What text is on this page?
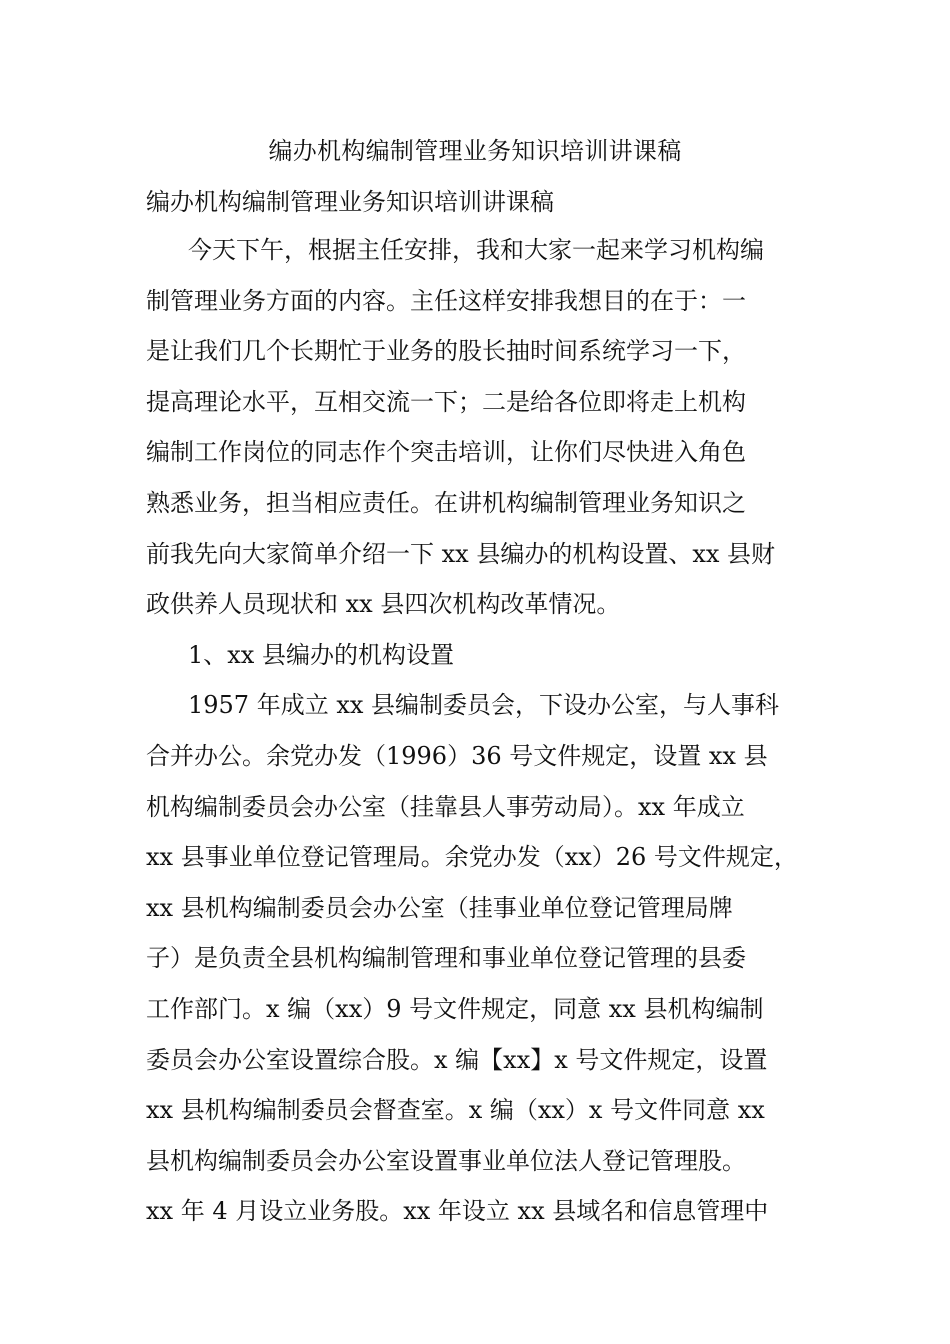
编办机构编制管理业务知识培训讲课稿
编办机构编制管理业务知识培训讲课稿
今天下午，根据主任安排，我和大家一起来学习机构编
制管理业务方面的内容。主任这样安排我想目的在于：一
是让我们几个长期忙于业务的股长抽时间系统学习一下，
提高理论水平，互相交流一下；二是给各位即将走上机构
编制工作岗位的同志作个突击培训，让你们尽快进入角色
熟悉业务，担当相应责任。在讲机构编制管理业务知识之
前我先向大家简单介绍一下 xx 县编办的机构设置、xx 县财
政供养人员现状和 xx 县四次机构改革情况。
1、xx 县编办的机构设置
1957 年成立 xx 县编制委员会，下设办公室，与人事科
合并办公。余党办发（1996）36 号文件规定，设置 xx 县
机构编制委员会办公室（挂靠县人事劳动局）。xx 年成立
xx 县事业单位登记管理局。余党办发（xx）26 号文件规定，
xx 县机构编制委员会办公室（挂事业单位登记管理局牌
子）是负责全县机构编制管理和事业单位登记管理的县委
工作部门。x 编（xx）9 号文件规定，同意 xx 县机构编制
委员会办公室设置综合股。x 编【xx】x 号文件规定，设置
xx 县机构编制委员会督查室。x 编（xx）x 号文件同意 xx
县机构编制委员会办公室设置事业单位法人登记管理股。
xx 年 4 月设立业务股。xx 年设立 xx 县域名和信息管理中
